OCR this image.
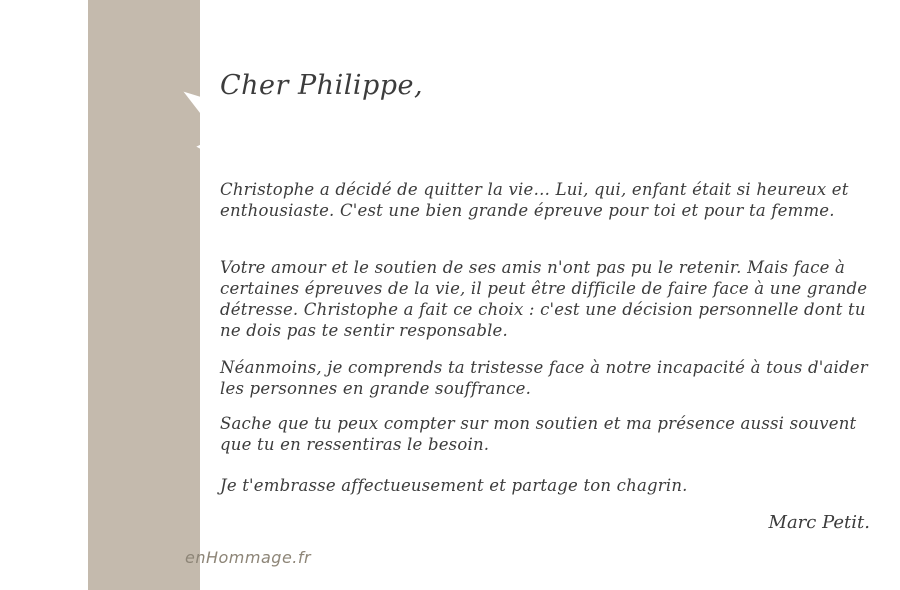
enHommage.fr
Cher Philippe,

Christophe a décidé de quitter la vie… Lui, qui, enfant était si heureux et enthousiaste. C'est une bien grande épreuve pour toi et pour ta femme.

Votre amour et le soutien de ses amis n'ont pas pu le retenir. Mais face à certaines épreuves de la vie, il peut être difficile de faire face à une grande détresse. Christophe a fait ce choix : c'est une décision personnelle dont tu ne dois pas te sentir responsable.

Néanmoins, je comprends ta tristesse face à notre incapacité à tous d'aider les personnes en grande souffrance.

Sache que tu peux compter sur mon soutien et ma présence aussi souvent que tu en ressentiras le besoin.

Je t'embrasse affectueusement et partage ton chagrin.

Marc Petit.
